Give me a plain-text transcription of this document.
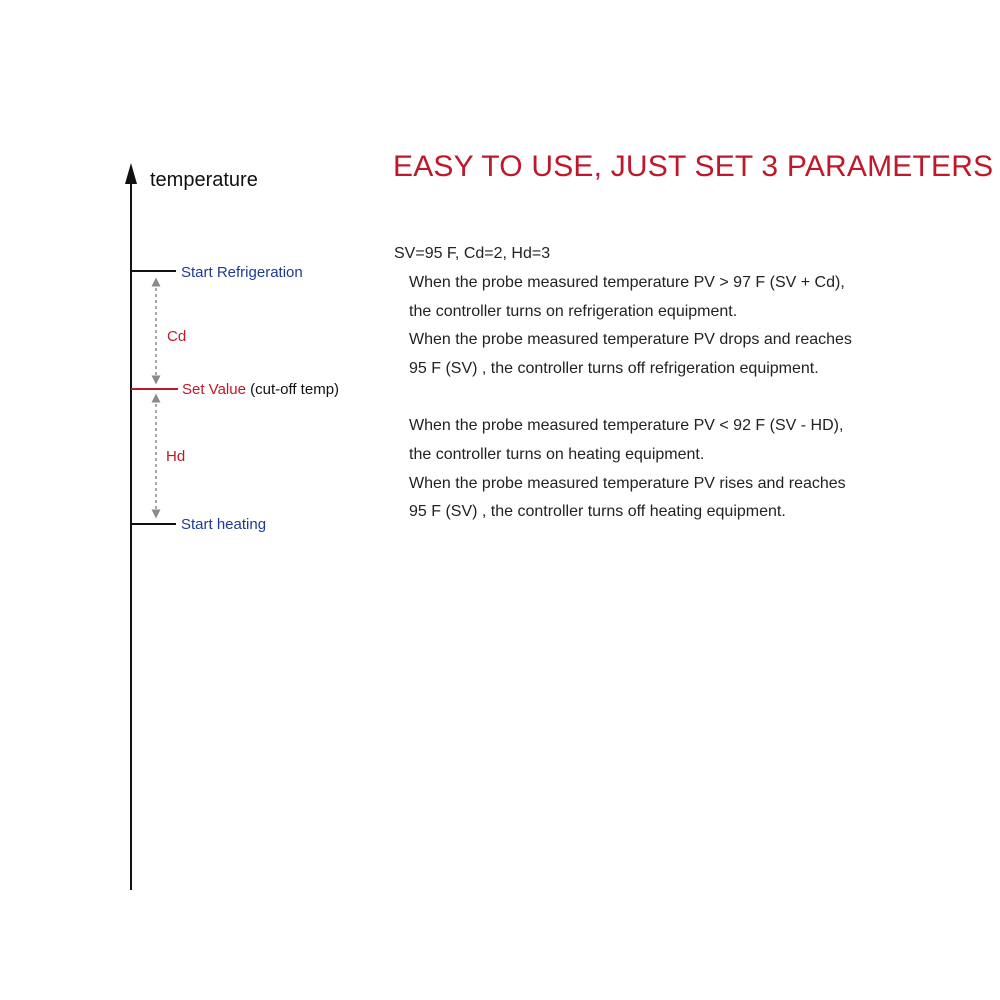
temperature
Start Refrigeration
Set Value (cut-off temp)
Start heating
Cd
Hd
EASY TO USE, JUST SET 3 PARAMETERS
SV=95 F, Cd=2, Hd=3
When the probe measured temperature PV > 97 F (SV + Cd),
the controller turns on refrigeration equipment.
When the probe measured temperature PV drops and reaches
95 F (SV) , the controller turns off refrigeration equipment.
When the probe measured temperature PV < 92 F (SV - HD),
the controller turns on heating equipment.
When the probe measured temperature PV rises and reaches
95 F (SV) , the controller turns off heating equipment.
